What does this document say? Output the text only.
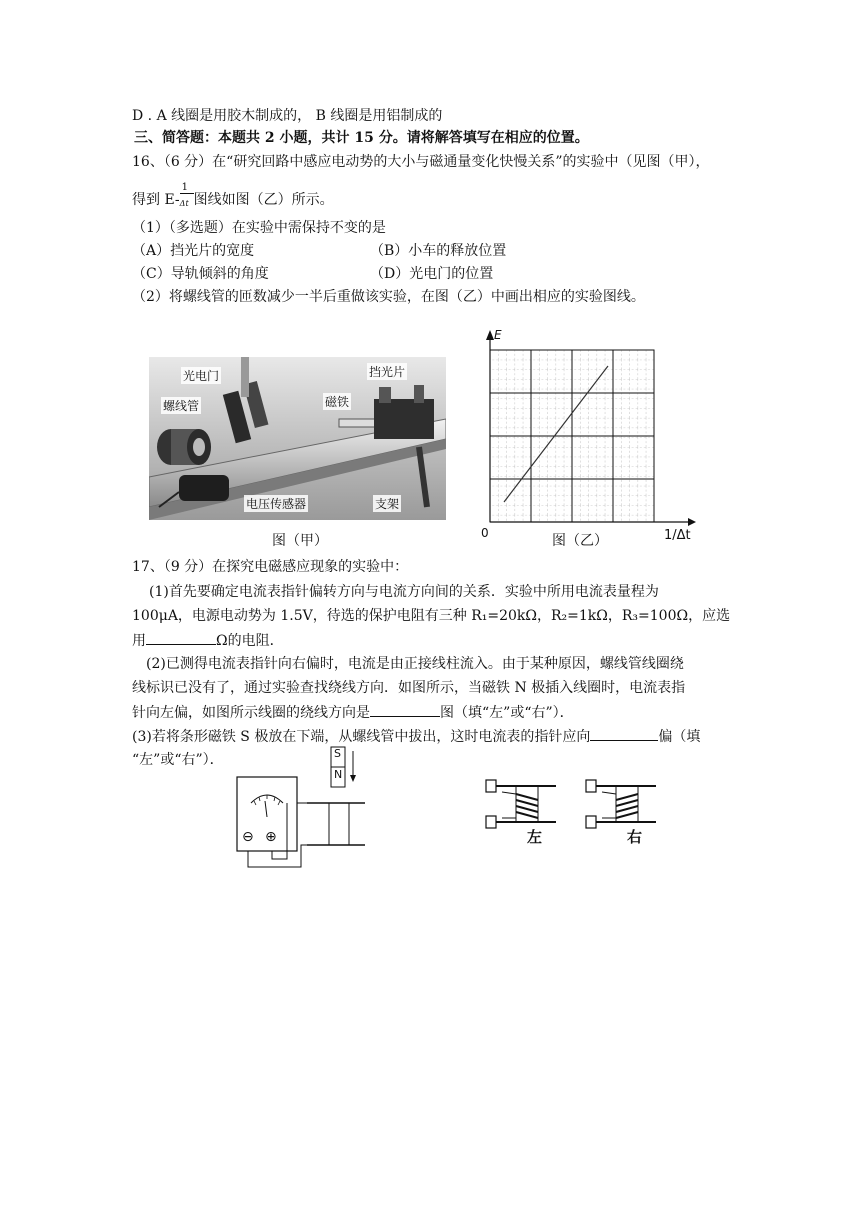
D . A 线圈是用胶木制成的， B 线圈是用铝制成的
三、简答题：本题共 2 小题，共计 15 分。请将解答填写在相应的位置。
16、（6 分）在“研究回路中感应电动势的大小与磁通量变化快慢关系”的实验中（见图（甲），
得到 $E- \frac{1}{\Delta t}$ 图线如图（乙）所示。
（1）（多选题）在实验中需保持不变的是
（A）挡光片的宽度	（B）小车的释放位置
（C）导轨倾斜的角度	（D）光电门的位置
（2）将螺线管的匝数减少一半后重做该实验，在图（乙）中画出相应的实验图线。
光电门
螺线管
挡光片
磁铁
电压传感器	支架
图（甲）
E
0	图（乙）	1/Δt
17、（9 分）在探究电磁感应现象的实验中：
(1)首先要确定电流表指针偏转方向与电流方向间的关系．实验中所用电流表量程为
100μA，电源电动势为 1.5V，待选的保护电阻有三种 R₁=20kΩ，R₂=1kΩ，R₃=100Ω，应选
用	Ω的电阻．
(2)已测得电流表指针向右偏时，电流是由正接线柱流入。由于某种原因，螺线管线圈绕
线标识已没有了，通过实验查找绕线方向．如图所示，当磁铁 N 极插入线圈时，电流表指
针向左偏，如图所示线圈的绕线方向是	图（填“左”或“右”）．
(3)若将条形磁铁 S 极放在下端，从螺线管中拔出，这时电流表的指针应向	偏（填
“左”或“右”）．	S
N
⊖ ⊕	左	右
